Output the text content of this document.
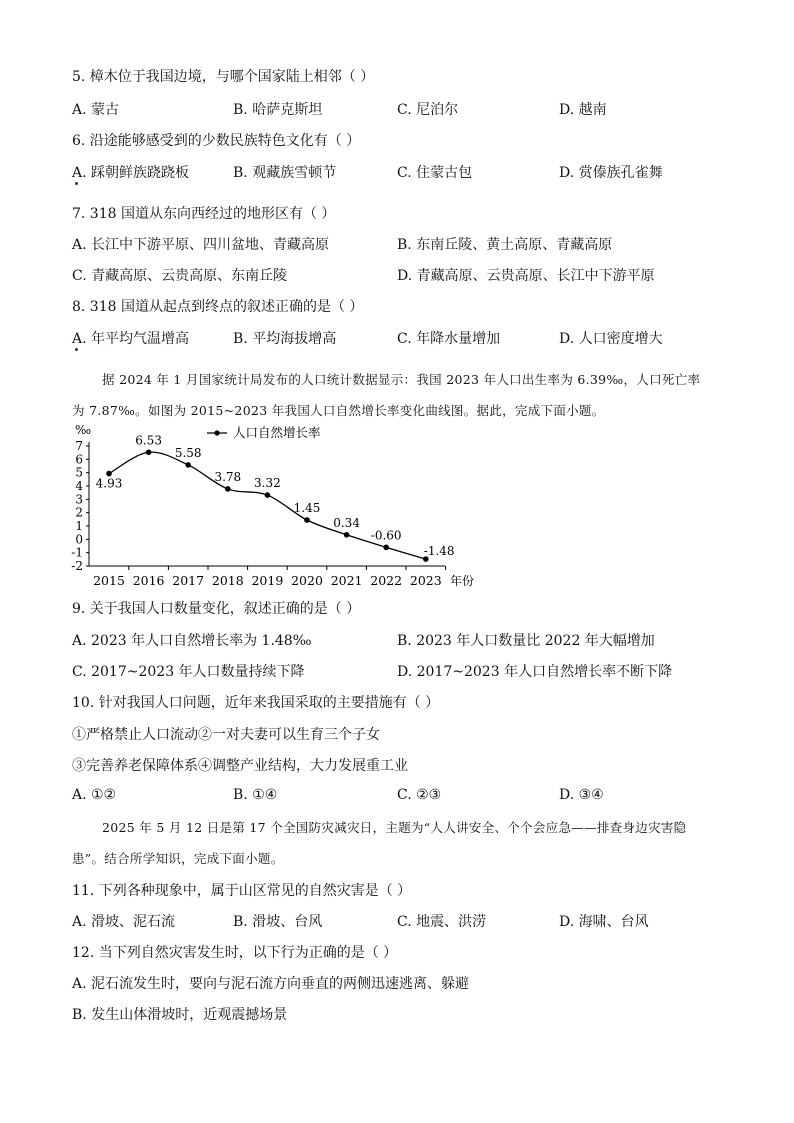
5. 樟木位于我国边境，与哪个国家陆上相邻（ ）
A. 蒙古	B. 哈萨克斯坦	C. 尼泊尔	D. 越南
6. 沿途能够感受到的少数民族特色文化有（ ）
A. 踩朝鲜族跷跷板	B. 观藏族雪顿节	C. 住蒙古包	D. 赏傣族孔雀舞
7. 318 国道从东向西经过的地形区有（ ）
A. 长江中下游平原、四川盆地、青藏高原	B. 东南丘陵、黄土高原、青藏高原
C. 青藏高原、云贵高原、东南丘陵	D. 青藏高原、云贵高原、长江中下游平原
8. 318 国道从起点到终点的叙述正确的是（ ）
A. 年平均气温增高	B. 平均海拔增高	C. 年降水量增加	D. 人口密度增大
据 2024 年 1 月国家统计局发布的人口统计数据显示：我国 2023 年人口出生率为 6.39‰，人口死亡率
为 7.87‰。如图为 2015~2023 年我国人口自然增长率变化曲线图。据此，完成下面小题。
7
6
5
4
3
2
1
0
-1
-2
2015 2016 2017 2018 2019 2020 2021 2022 2023
人口自然增长率
‰
年份
4.93
6.53
5.58
3.78 3.32
1.45
0.34
-0.60
-1.48
9. 关于我国人口数量变化，叙述正确的是（ ）
A. 2023 年人口自然增长率为 1.48‰	B. 2023 年人口数量比 2022 年大幅增加
C. 2017~2023 年人口数量持续下降	D. 2017~2023 年人口自然增长率不断下降
10. 针对我国人口问题，近年来我国采取的主要措施有（ ）
①严格禁止人口流动②一对夫妻可以生育三个子女
③完善养老保障体系④调整产业结构，大力发展重工业
A. ①②	B. ①④	C. ②③	D. ③④
2025 年 5 月 12 日是第 17 个全国防灾减灾日，主题为“人人讲安全、个个会应急——排查身边灾害隐
患”。结合所学知识，完成下面小题。
11. 下列各种现象中，属于山区常见的自然灾害是（ ）
A. 滑坡、泥石流	B. 滑坡、台风	C. 地震、洪涝	D. 海啸、台风
12. 当下列自然灾害发生时，以下行为正确的是（ ）
A. 泥石流发生时，要向与泥石流方向垂直的两侧迅速逃离、躲避
B. 发生山体滑坡时，近观震撼场景
